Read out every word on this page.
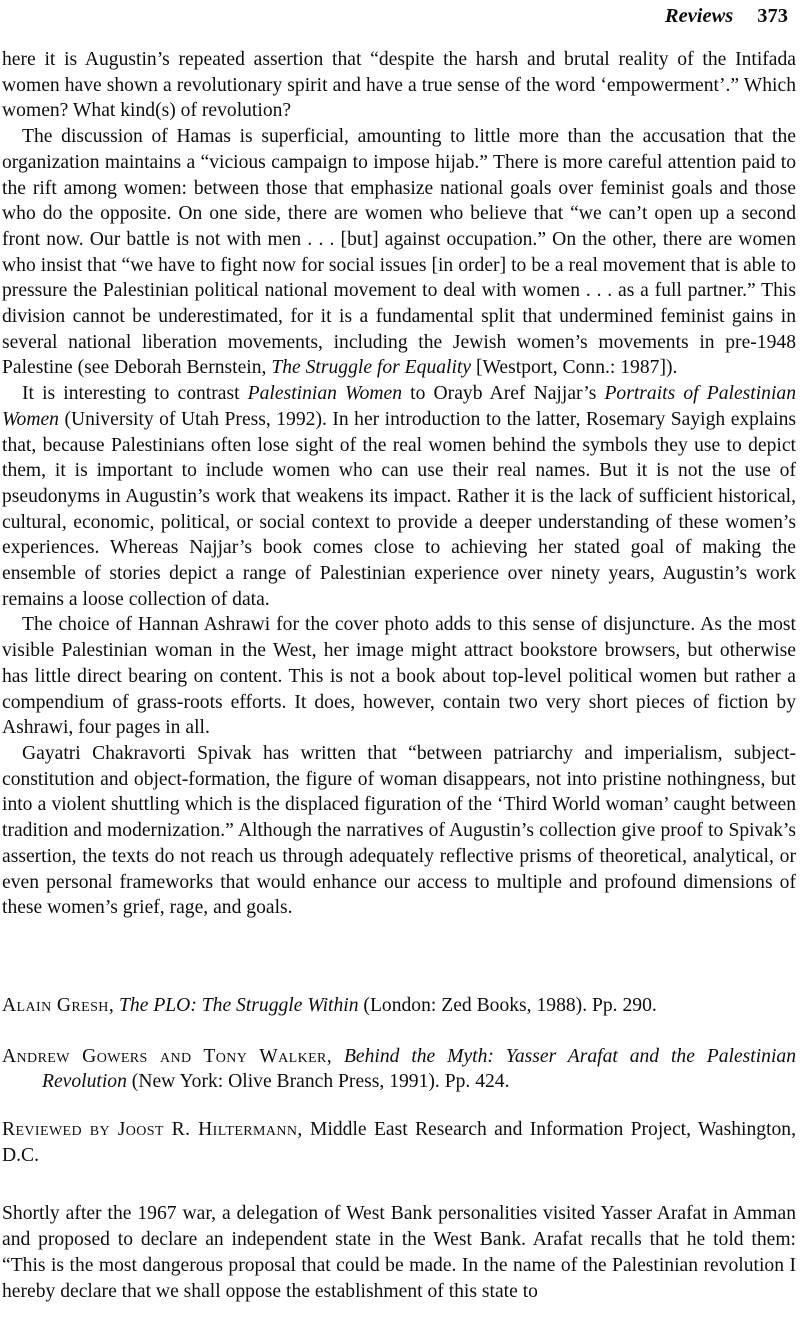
Reviews 373

here it is Augustin’s repeated assertion that “despite the harsh and brutal reality of the Intifada women have shown a revolutionary spirit and have a true sense of the word ‘empowerment’.” Which women? What kind(s) of revolution?

The discussion of Hamas is superficial, amounting to little more than the accusation that the organization maintains a “vicious campaign to impose hijab.” There is more careful attention paid to the rift among women: between those that emphasize national goals over feminist goals and those who do the opposite. On one side, there are women who believe that “we can’t open up a second front now. Our battle is not with men . . . [but] against occupation.” On the other, there are women who insist that “we have to fight now for social issues [in order] to be a real movement that is able to pressure the Palestinian political national movement to deal with women . . . as a full partner.” This division cannot be underestimated, for it is a fundamental split that undermined feminist gains in several national liberation movements, including the Jewish women’s movements in pre-1948 Palestine (see Deborah Bernstein, The Struggle for Equality [Westport, Conn.: 1987]).

It is interesting to contrast Palestinian Women to Orayb Aref Najjar’s Portraits of Palestinian Women (University of Utah Press, 1992). In her introduction to the latter, Rosemary Sayigh explains that, because Palestinians often lose sight of the real women behind the symbols they use to depict them, it is important to include women who can use their real names. But it is not the use of pseudonyms in Augustin’s work that weakens its impact. Rather it is the lack of sufficient historical, cultural, economic, political, or social context to provide a deeper understanding of these women’s experiences. Whereas Najjar’s book comes close to achieving her stated goal of making the ensemble of stories depict a range of Palestinian experience over ninety years, Augustin’s work remains a loose collection of data.

The choice of Hannan Ashrawi for the cover photo adds to this sense of disjuncture. As the most visible Palestinian woman in the West, her image might attract bookstore browsers, but otherwise has little direct bearing on content. This is not a book about top-level political women but rather a compendium of grass-roots efforts. It does, however, contain two very short pieces of fiction by Ashrawi, four pages in all.

Gayatri Chakravorti Spivak has written that “between patriarchy and imperialism, subject-constitution and object-formation, the figure of woman disappears, not into pristine nothingness, but into a violent shuttling which is the displaced figuration of the ‘Third World woman’ caught between tradition and modernization.” Although the narratives of Augustin’s collection give proof to Spivak’s assertion, the texts do not reach us through adequately reflective prisms of theoretical, analytical, or even personal frameworks that would enhance our access to multiple and profound dimensions of these women’s grief, rage, and goals.

Alain Gresh, The PLO: The Struggle Within (London: Zed Books, 1988). Pp. 290.

Andrew Gowers and Tony Walker, Behind the Myth: Yasser Arafat and the Palestinian Revolution (New York: Olive Branch Press, 1991). Pp. 424.

Reviewed by Joost R. Hiltermann, Middle East Research and Information Project, Washington, D.C.

Shortly after the 1967 war, a delegation of West Bank personalities visited Yasser Arafat in Amman and proposed to declare an independent state in the West Bank. Arafat recalls that he told them: “This is the most dangerous proposal that could be made. In the name of the Palestinian revolution I hereby declare that we shall oppose the establishment of this state to
